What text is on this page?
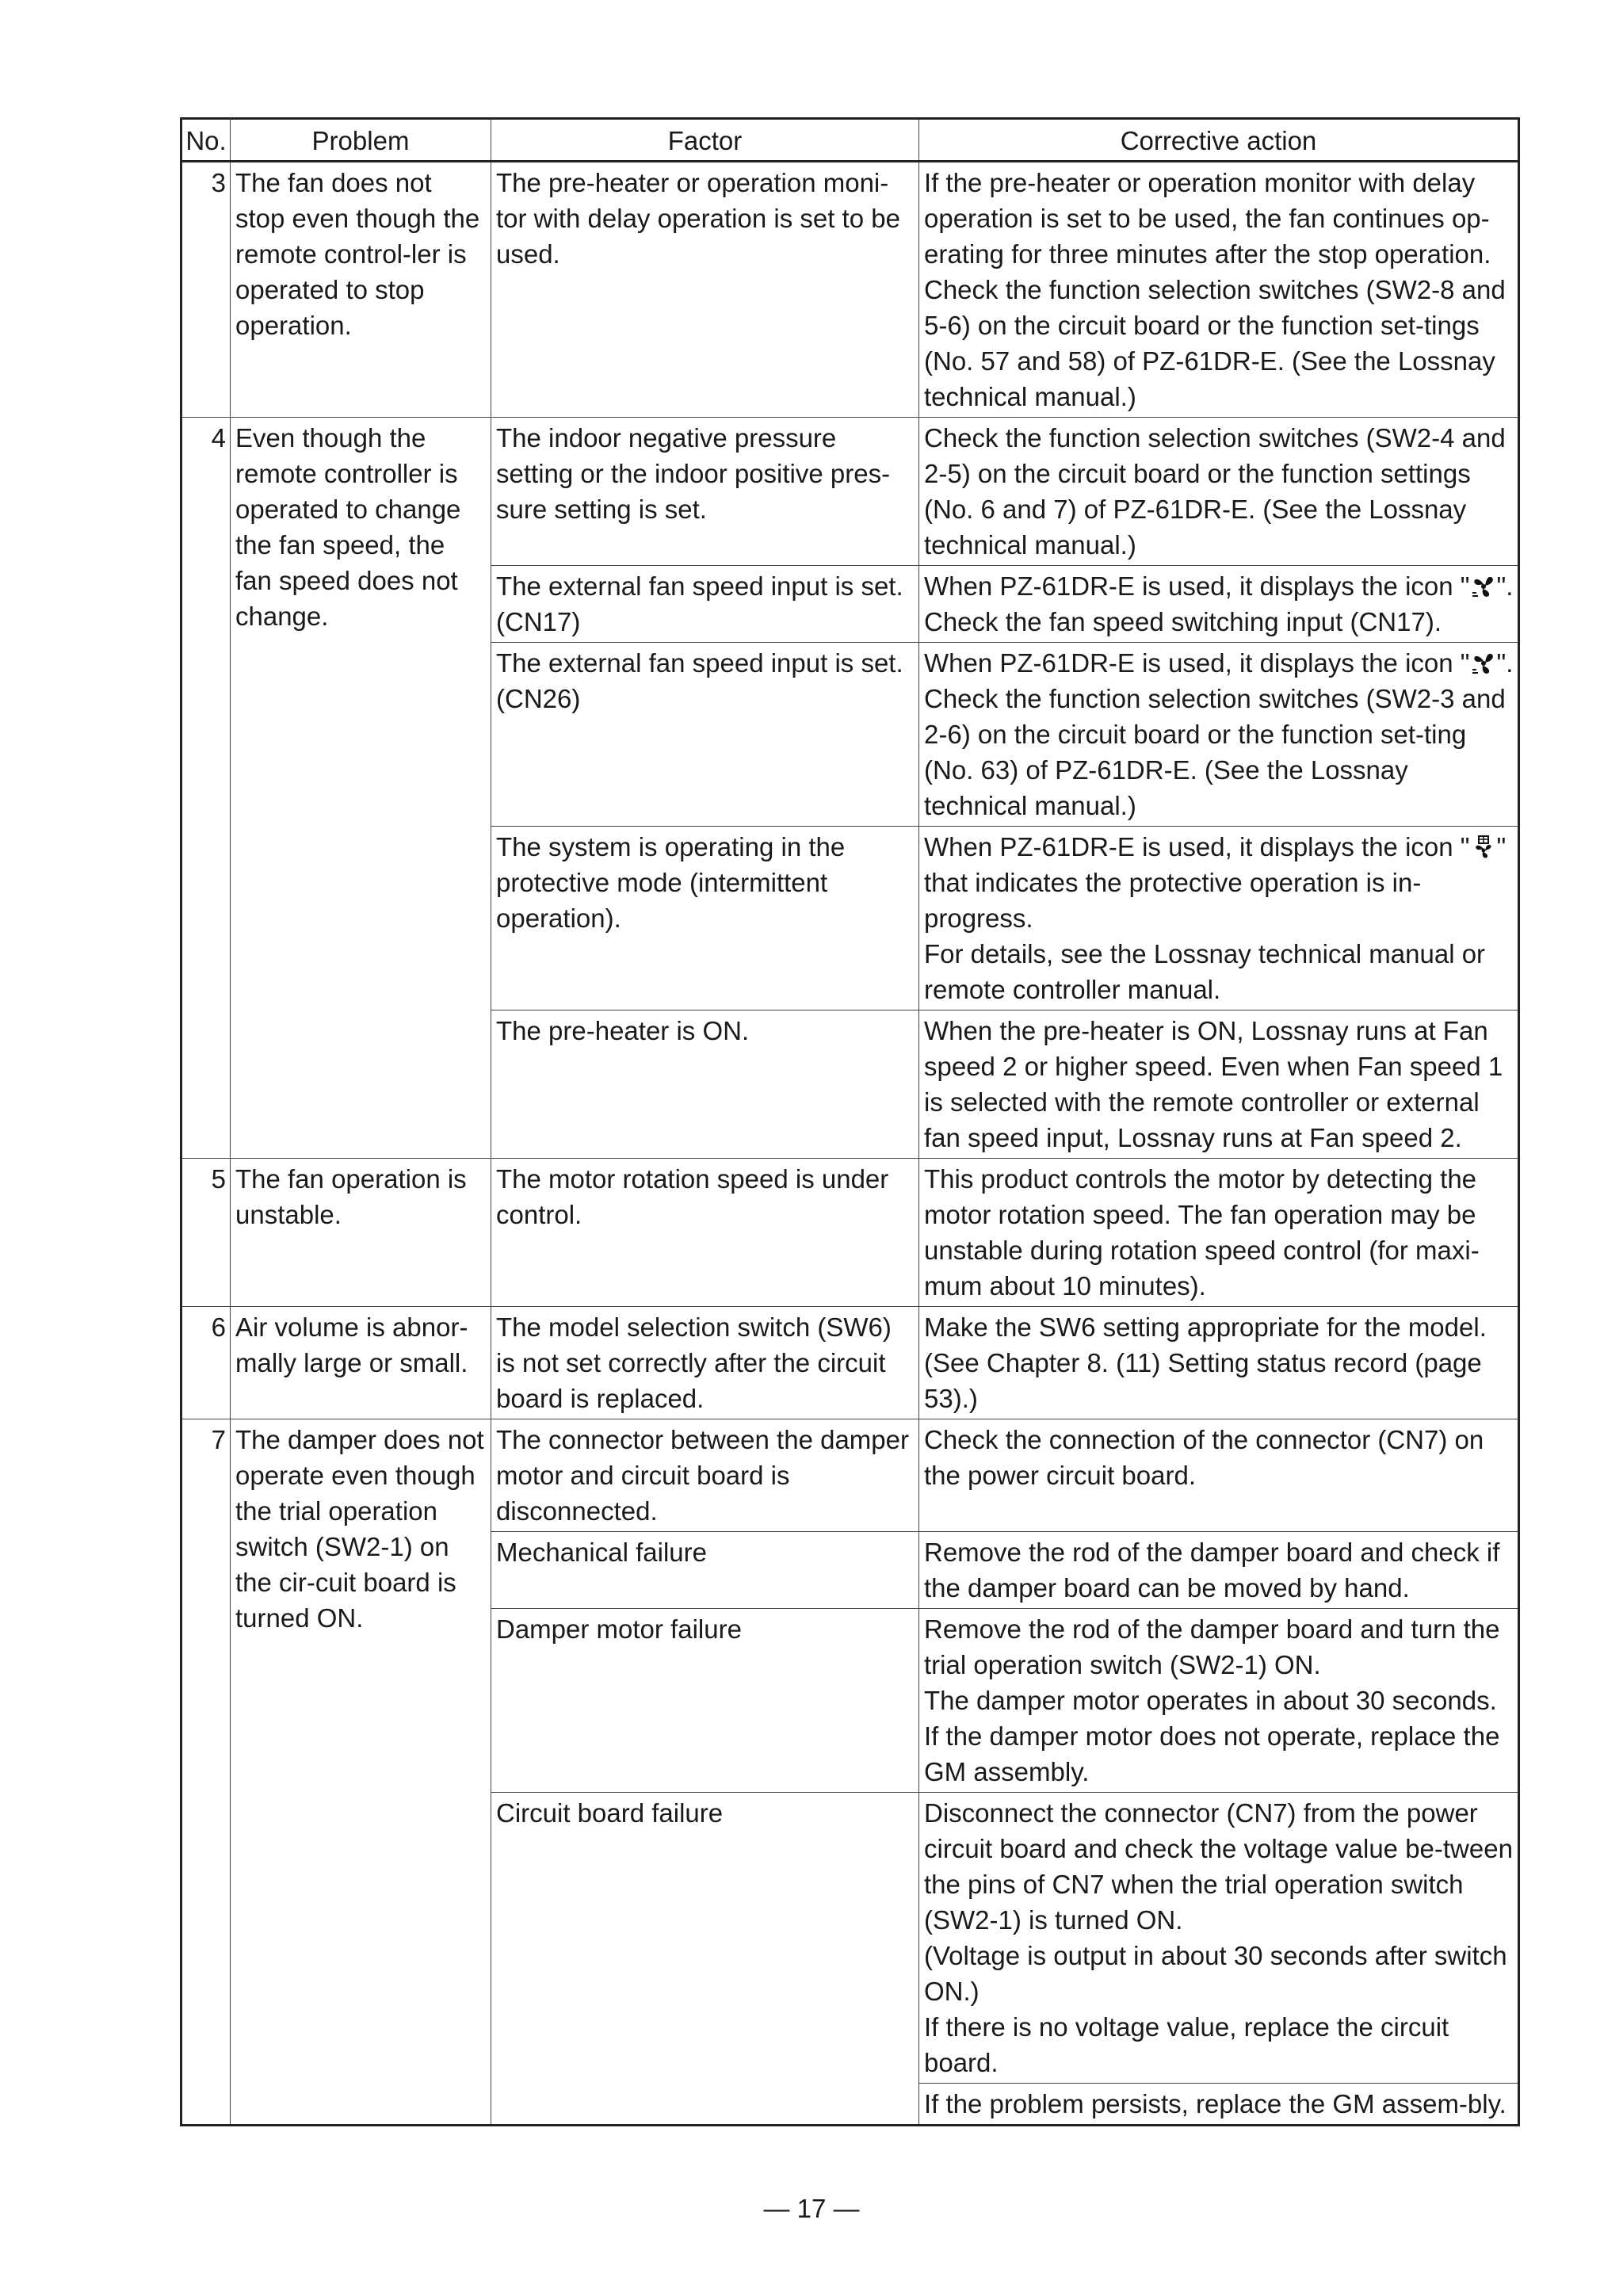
No.	Problem	Factor	Corrective action
3	The fan does not stop even though the remote control-ler is operated to stop operation.	The pre-heater or operation moni-tor with delay operation is set to be used.	If the pre-heater or operation monitor with delay operation is set to be used, the fan continues op-erating for three minutes after the stop operation. Check the function selection switches (SW2-8 and 5-6) on the circuit board or the function set-tings (No. 57 and 58) of PZ-61DR-E. (See the Lossnay technical manual.)
4	Even though the remote controller is operated to change the fan speed, the fan speed does not change.	The indoor negative pressure setting or the indoor positive pres-sure setting is set.	Check the function selection switches (SW2-4 and 2-5) on the circuit board or the function settings (No. 6 and 7) of PZ-61DR-E. (See the Lossnay technical manual.)
		The external fan speed input is set. (CN17)	When PZ-61DR-E is used, it displays the icon " ".
Check the fan speed switching input (CN17).
		The external fan speed input is set. (CN26)	When PZ-61DR-E is used, it displays the icon " ".
Check the function selection switches (SW2-3 and 2-6) on the circuit board or the function set-ting (No. 63) of PZ-61DR-E. (See the Lossnay technical manual.)
		The system is operating in the protective mode (intermittent operation).	When PZ-61DR-E is used, it displays the icon " " that indicates the protective operation is in-progress.
For details, see the Lossnay technical manual or remote controller manual.
		The pre-heater is ON.	When the pre-heater is ON, Lossnay runs at Fan speed 2 or higher speed. Even when Fan speed 1 is selected with the remote controller or external fan speed input, Lossnay runs at Fan speed 2.
5	The fan operation is unstable.	The motor rotation speed is under control.	This product controls the motor by detecting the motor rotation speed. The fan operation may be unstable during rotation speed control (for maxi-mum about 10 minutes).
6	Air volume is abnor-mally large or small.	The model selection switch (SW6) is not set correctly after the circuit board is replaced.	Make the SW6 setting appropriate for the model. (See Chapter 8. (11) Setting status record (page 53).)
7	The damper does not operate even though the trial operation switch (SW2-1) on the cir-cuit board is turned ON.	The connector between the damper motor and circuit board is disconnected.	Check the connection of the connector (CN7) on the power circuit board.
		Mechanical failure	Remove the rod of the damper board and check if the damper board can be moved by hand.
		Damper motor failure	Remove the rod of the damper board and turn the trial operation switch (SW2-1) ON.
The damper motor operates in about 30 seconds.
If the damper motor does not operate, replace the GM assembly.
		Circuit board failure	Disconnect the connector (CN7) from the power circuit board and check the voltage value be-tween the pins of CN7 when the trial operation switch (SW2-1) is turned ON.
(Voltage is output in about 30 seconds after switch ON.)
If there is no voltage value, replace the circuit board.
			If the problem persists, replace the GM assem-bly.
— 17 —
